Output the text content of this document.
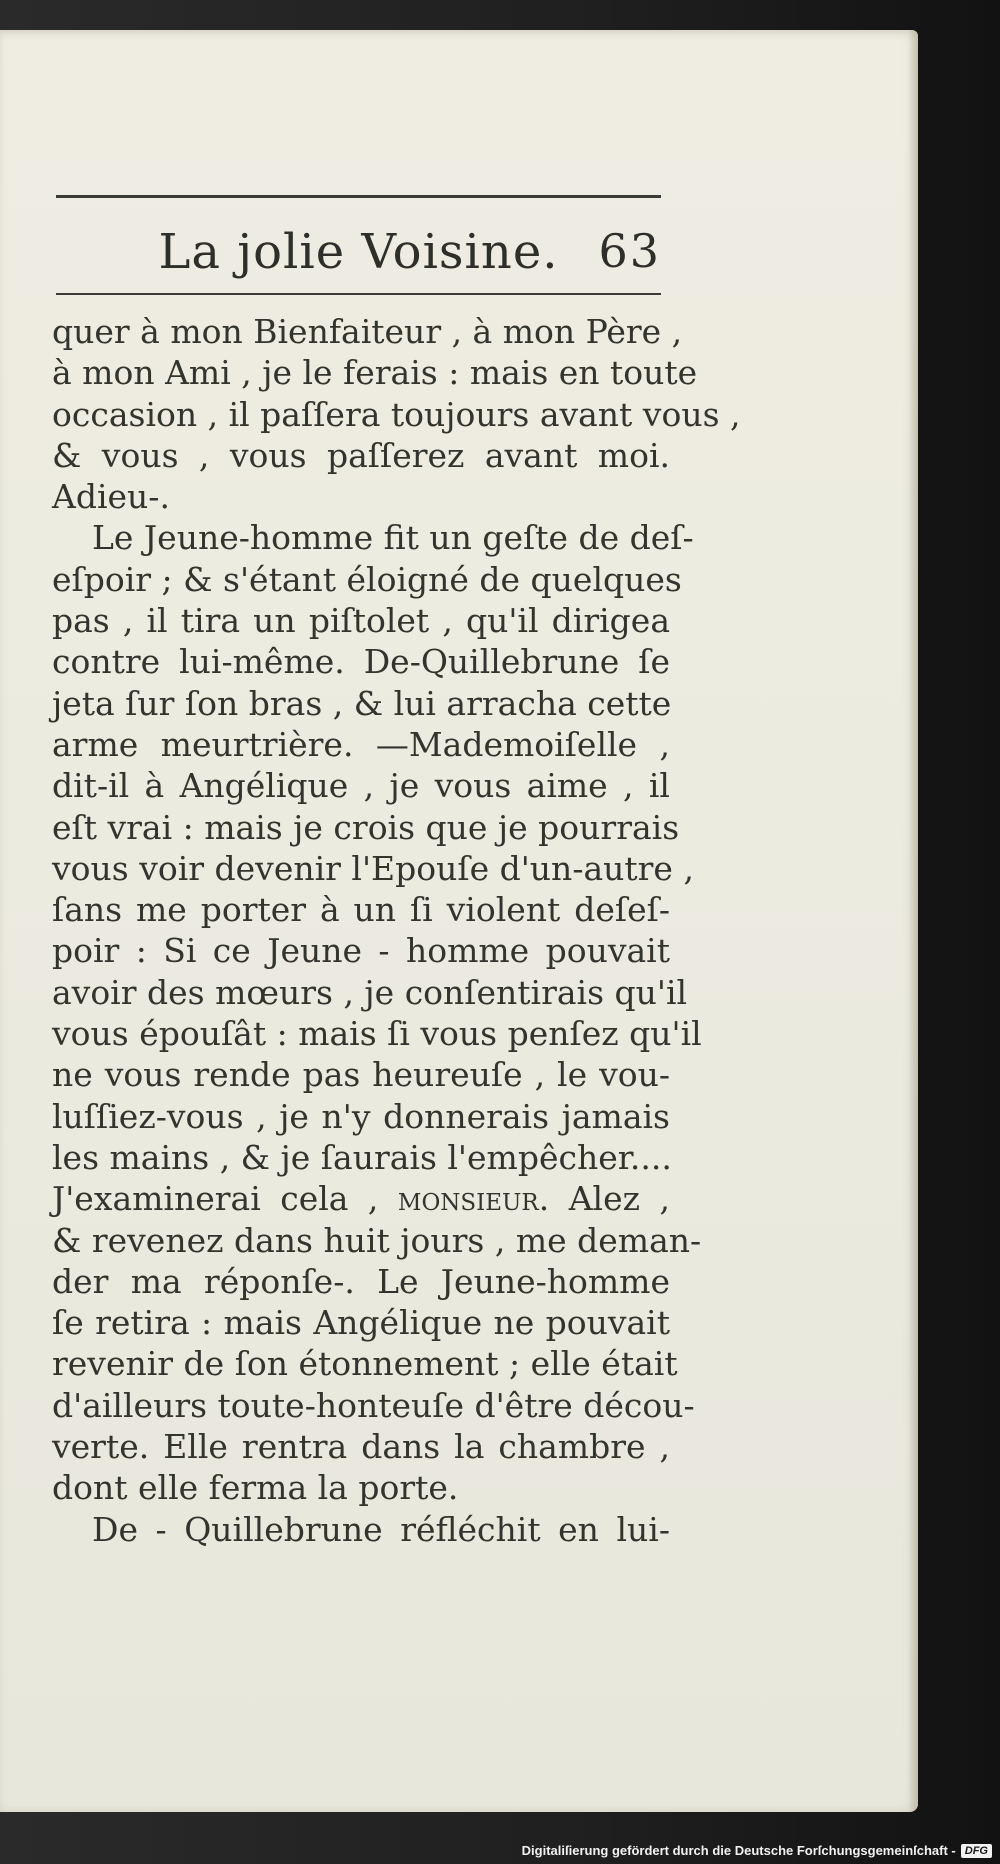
La jolie Voisine. 63
quer à mon Bienfaiteur , à mon Père ,
à mon Ami , je le ferais : mais en toute
occasion , il paſſera toujours avant vous ,
& vous , vous paſſerez avant moi.
Adieu-.
Le Jeune-homme fit un geſte de deſ-
eſpoir ; & s'étant éloigné de quelques
pas , il tira un piſtolet , qu'il dirigea
contre lui-même. De-Quillebrune ſe
jeta ſur ſon bras , & lui arracha cette
arme meurtrière. —Mademoiſelle ,
dit-il à Angélique , je vous aime , il
eſt vrai : mais je crois que je pourrais
vous voir devenir l'Epouſe d'un-autre ,
ſans me porter à un ſi violent deſeſ-
poir : Si ce Jeune - homme pouvait
avoir des mœurs , je conſentirais qu'il
vous épouſât : mais ſi vous penſez qu'il
ne vous rende pas heureuſe , le vou-
luſſiez-vous , je n'y donnerais jamais
les mains , & je ſaurais l'empêcher....
J'examinerai cela , monſieur. Alez ,
& revenez dans huit jours , me deman-
der ma réponſe-. Le Jeune-homme
ſe retira : mais Angélique ne pouvait
revenir de ſon étonnement ; elle était
d'ailleurs toute-honteuſe d'être décou-
verte. Elle rentra dans la chambre ,
dont elle ferma la porte.
De - Quillebrune réfléchit en lui-
Digitaliſierung gefördert durch die Deutsche Forſchungsgemeinſchaft - DFG
